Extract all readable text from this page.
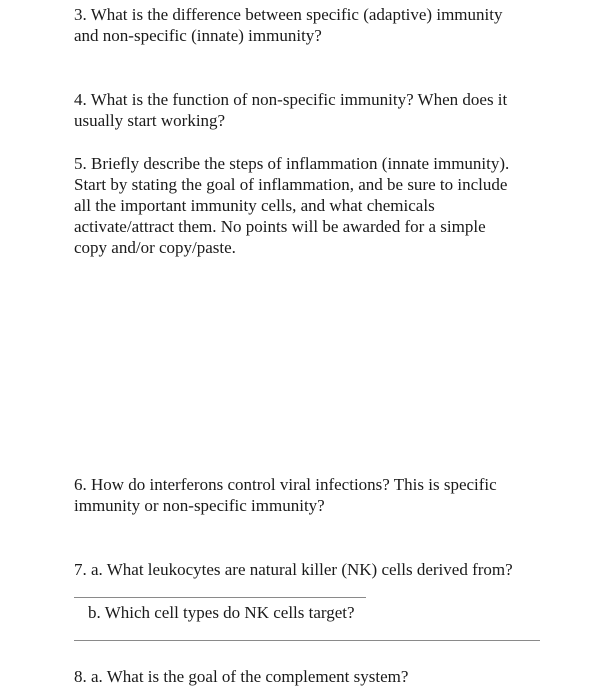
3. What is the difference between specific (adaptive) immunity
and non-specific (innate) immunity?
4. What is the function of non-specific immunity? When does it
usually start working?
5. Briefly describe the steps of inflammation (innate immunity).
Start by stating the goal of inflammation, and be sure to include
all the important immunity cells, and what chemicals
activate/attract them. No points will be awarded for a simple
copy and/or copy/paste.
6. How do interferons control viral infections? This is specific
immunity or non-specific immunity?
7. a. What leukocytes are natural killer (NK) cells derived from?
b. Which cell types do NK cells target?
8. a. What is the goal of the complement system?
